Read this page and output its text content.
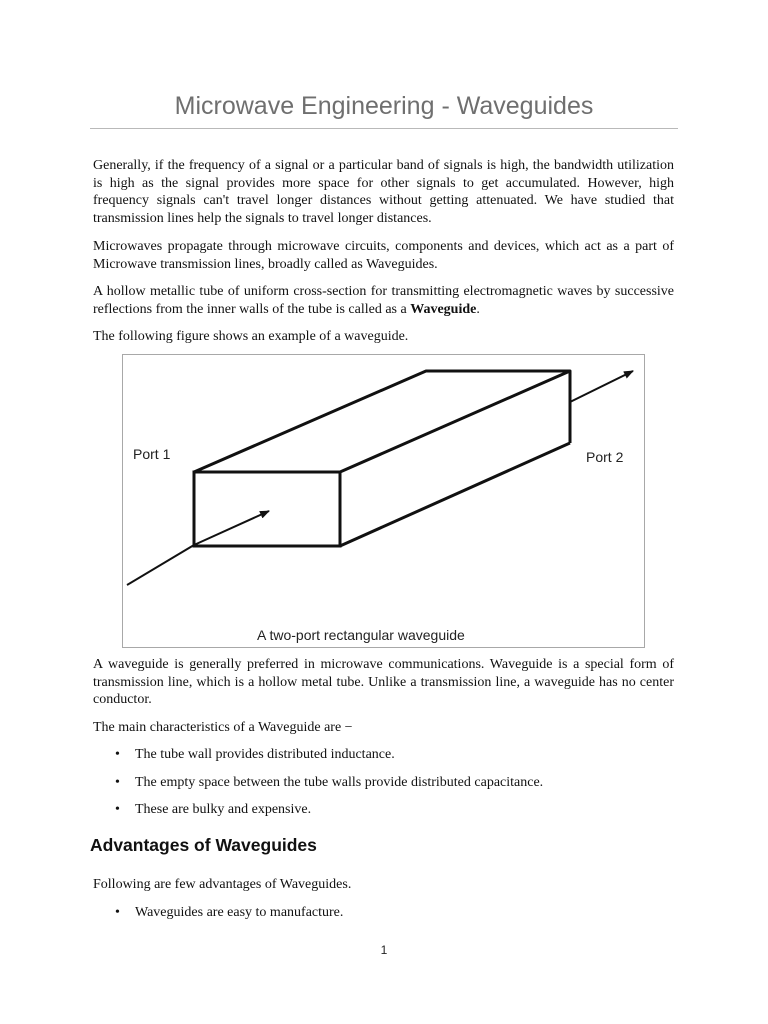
Microwave Engineering - Waveguides

Generally, if the frequency of a signal or a particular band of signals is high, the bandwidth utilization is high as the signal provides more space for other signals to get accumulated. However, high frequency signals can't travel longer distances without getting attenuated. We have studied that transmission lines help the signals to travel longer distances.

Microwaves propagate through microwave circuits, components and devices, which act as a part of Microwave transmission lines, broadly called as Waveguides.

A hollow metallic tube of uniform cross-section for transmitting electromagnetic waves by successive reflections from the inner walls of the tube is called as a Waveguide.

The following figure shows an example of a waveguide.

Port 1	Port 2
A two-port rectangular waveguide

A waveguide is generally preferred in microwave communications. Waveguide is a special form of transmission line, which is a hollow metal tube. Unlike a transmission line, a waveguide has no center conductor.

The main characteristics of a Waveguide are −

• The tube wall provides distributed inductance.
• The empty space between the tube walls provide distributed capacitance.
• These are bulky and expensive.
Advantages of Waveguides

Following are few advantages of Waveguides.

• Waveguides are easy to manufacture.
1
